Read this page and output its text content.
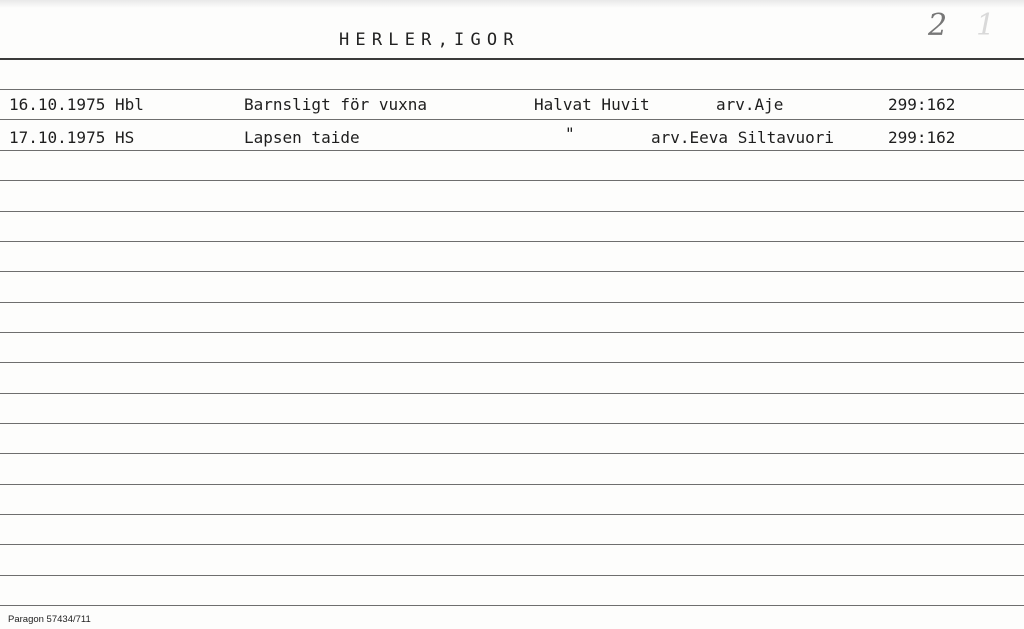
HERLER,IGOR	2 1
16.10.1975 Hbl	Barnsligt för vuxna	Halvat Huvit	arv.Aje	299:162
17.10.1975 HS	Lapsen taide	"	arv.Eeva Siltavuori	299:162
Paragon 57434/711
